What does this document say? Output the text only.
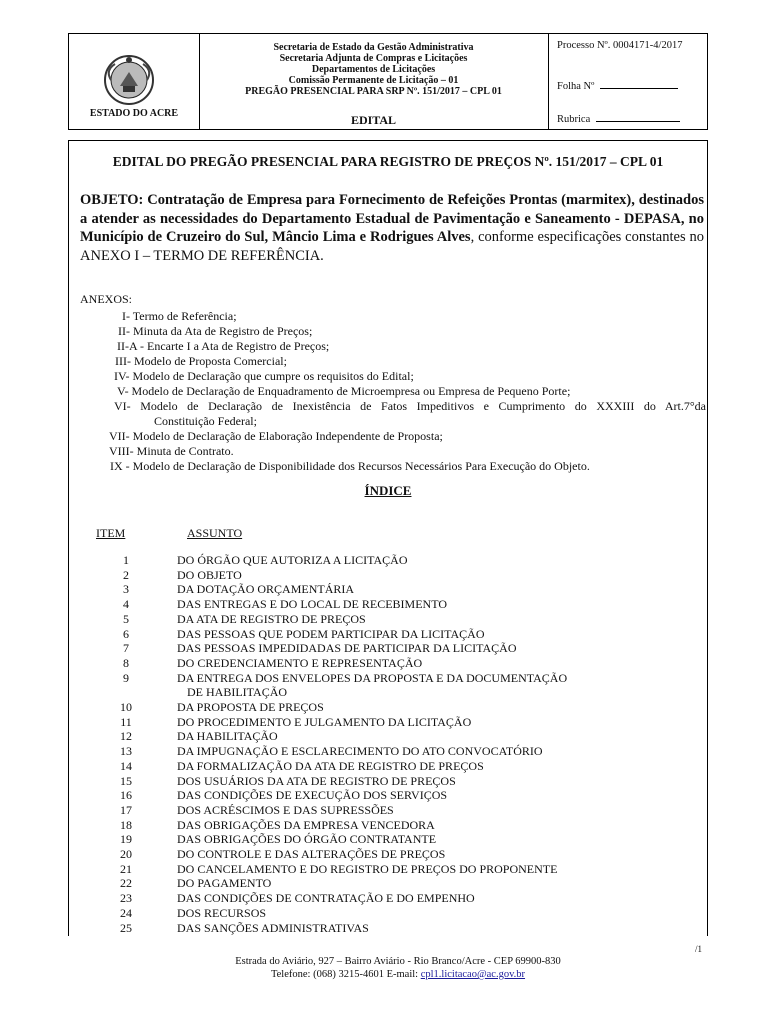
ESTADO DO ACRE
Secretaria de Estado da Gestão Administrativa
Secretaria Adjunta de Compras e Licitações
Departamentos de Licitações
Comissão Permanente de Licitação – 01
PREGÃO PRESENCIAL PARA SRP Nº. 151/2017 – CPL 01
EDITAL
Processo Nº. 0004171-4/2017
Folha Nº
Rubrica
EDITAL DO PREGÃO PRESENCIAL PARA REGISTRO DE PREÇOS Nº. 151/2017 – CPL 01
OBJETO: Contratação de Empresa para Fornecimento de Refeições Prontas (marmitex), destinados a atender as necessidades do Departamento Estadual de Pavimentação e Saneamento - DEPASA, no Município de Cruzeiro do Sul, Mâncio Lima e Rodrigues Alves, conforme especificações constantes no ANEXO I – TERMO DE REFERÊNCIA.
ANEXOS:
I- Termo de Referência;
II- Minuta da Ata de Registro de Preços;
II-A - Encarte I a Ata de Registro de Preços;
III- Modelo de Proposta Comercial;
IV- Modelo de Declaração que cumpre os requisitos do Edital;
V- Modelo de Declaração de Enquadramento de Microempresa ou Empresa de Pequeno Porte;
VI- Modelo de Declaração de Inexistência de Fatos Impeditivos e Cumprimento do XXXIII do Art.7°da
Constituição Federal;
VII- Modelo de Declaração de Elaboração Independente de Proposta;
VIII- Minuta de Contrato.
IX - Modelo de Declaração de Disponibilidade dos Recursos Necessários Para Execução do Objeto.
ÍNDICE
ITEM	ASSUNTO
1	DO ÓRGÃO QUE AUTORIZA A LICITAÇÃO
2	DO OBJETO
3	DA DOTAÇÃO ORÇAMENTÁRIA
4	DAS ENTREGAS E DO LOCAL DE RECEBIMENTO
5	DA ATA DE REGISTRO DE PREÇOS
6	DAS PESSOAS QUE PODEM PARTICIPAR DA LICITAÇÃO
7	DAS PESSOAS IMPEDIDADAS DE PARTICIPAR DA LICITAÇÃO
8	DO CREDENCIAMENTO E REPRESENTAÇÃO
9	DA ENTREGA DOS ENVELOPES DA PROPOSTA E DA DOCUMENTAÇÃO
DE HABILITAÇÃO
10	DA PROPOSTA DE PREÇOS
11	DO PROCEDIMENTO E JULGAMENTO DA LICITAÇÃO
12	DA HABILITAÇÃO
13	DA IMPUGNAÇÃO E ESCLARECIMENTO DO ATO CONVOCATÓRIO
14	DA FORMALIZAÇÃO DA ATA DE REGISTRO DE PREÇOS
15	DOS USUÁRIOS DA ATA DE REGISTRO DE PREÇOS
16	DAS CONDIÇÕES DE EXECUÇÃO DOS SERVIÇOS
17	DOS ACRÉSCIMOS E DAS SUPRESSÕES
18	DAS OBRIGAÇÕES DA EMPRESA VENCEDORA
19	DAS OBRIGAÇÕES DO ÓRGÃO CONTRATANTE
20	DO CONTROLE E DAS ALTERAÇÕES DE PREÇOS
21	DO CANCELAMENTO E DO REGISTRO DE PREÇOS DO PROPONENTE
22	DO PAGAMENTO
23	DAS CONDIÇÕES DE CONTRATAÇÃO E DO EMPENHO
24	DOS RECURSOS
25	DAS SANÇÕES ADMINISTRATIVAS
/1
Estrada do Aviário, 927 – Bairro Aviário - Rio Branco/Acre - CEP 69900-830
Telefone: (068) 3215-4601 E-mail: cpl1.licitacao@ac.gov.br
